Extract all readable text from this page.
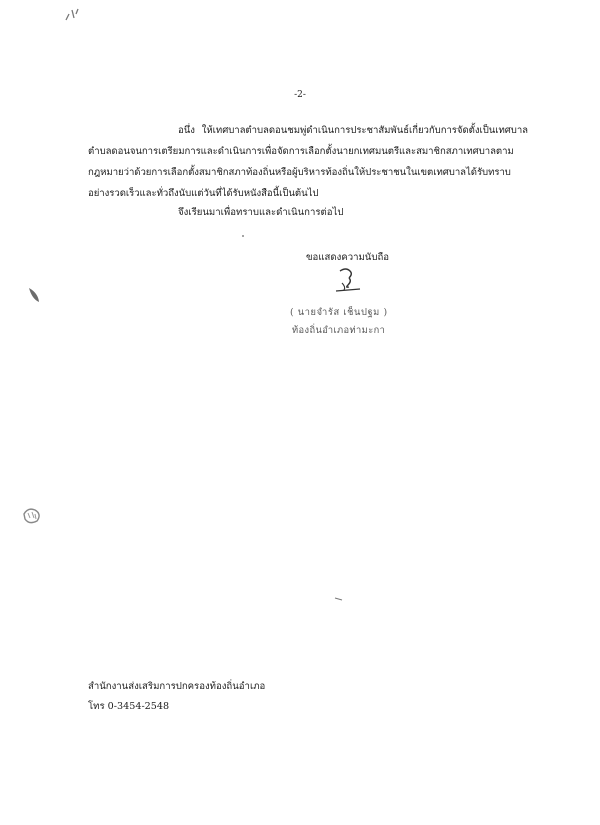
-2-

อนึ่ง ให้เทศบาลตำบลดอนชมพู่ดำเนินการประชาสัมพันธ์เกี่ยวกับการจัดตั้งเป็นเทศบาลตำบลดอนจนการเตรียมการและดำเนินการเพื่อจัดการเลือกตั้งนายกเทศมนตรีและสมาชิกสภาเทศบาลตามกฎหมายว่าด้วยการเลือกตั้งสมาชิกสภาท้องถิ่นหรือผู้บริหารท้องถิ่นให้ประชาชนในเขตเทศบาลได้รับทราบอย่างรวดเร็วและทั่วถึงนับแต่วันที่ได้รับหนังสือนี้เป็นต้นไป

จึงเรียนมาเพื่อทราบและดำเนินการต่อไป

ขอแสดงความนับถือ

( นายจำรัส เช็นปฐม )

ท้องถิ่นอำเภอท่ามะกา

สำนักงานส่งเสริมการปกครองท้องถิ่นอำเภอ

โทร 0-3454-2548
